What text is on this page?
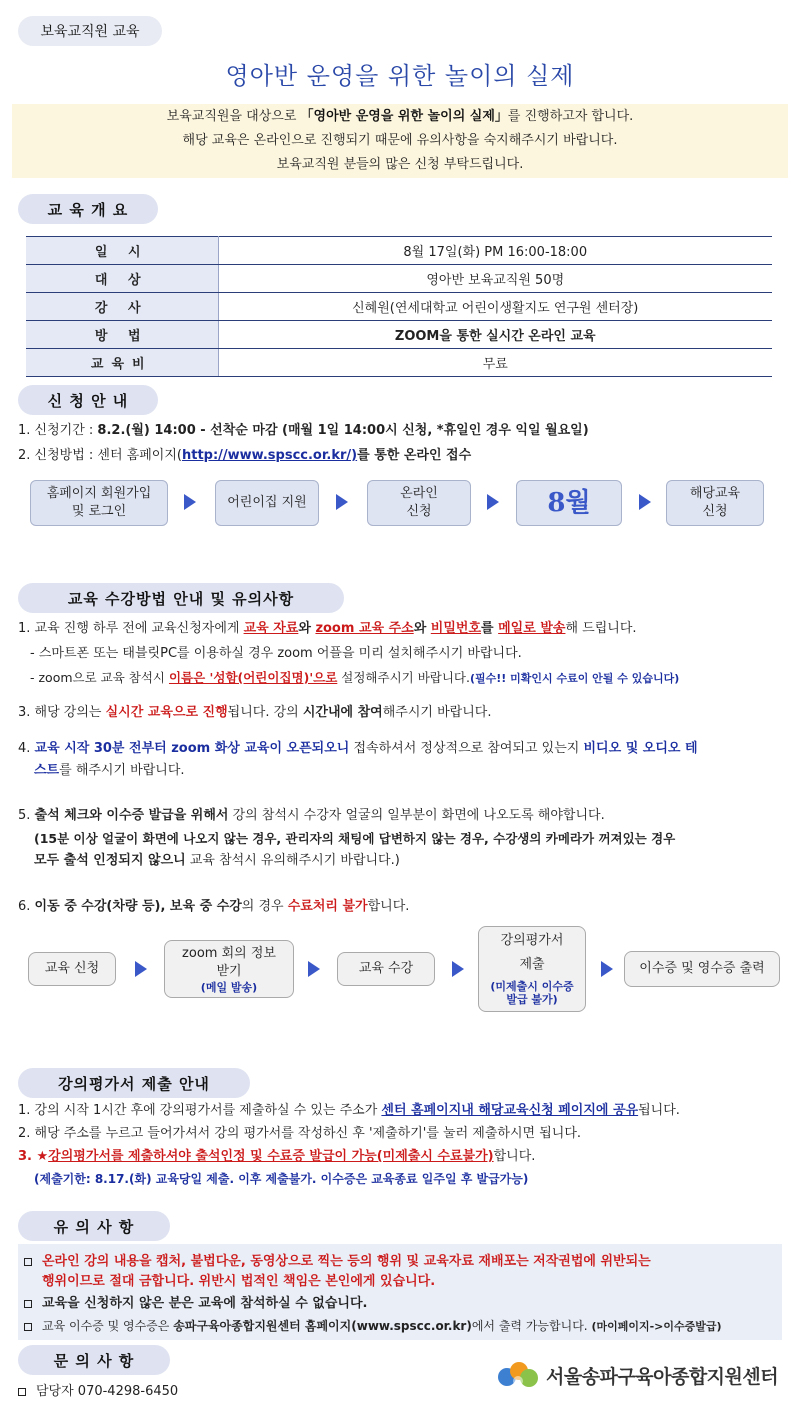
보육교직원 교육
영아반 운영을 위한 놀이의 실제
보육교직원을 대상으로 「영아반 운영을 위한 놀이의 실제」를 진행하고자 합니다.
해당 교육은 온라인으로 진행되기 때문에 유의사항을 숙지해주시기 바랍니다.
보육교직원 분들의 많은 신청 부탁드립니다.
교 육 개 요
일 시	8월 17일(화) PM 16:00-18:00
대 상	영아반 보육교직원 50명
강 사	신혜원(연세대학교 어린이생활지도 연구원 센터장)
방 법	ZOOM을 통한 실시간 온라인 교육
교육비	무료
신 청 안 내
1. 신청기간 : 8.2.(월) 14:00 - 선착순 마감 (매월 1일 14:00시 신청, *휴일인 경우 익일 월요일)
2. 신청방법 : 센터 홈페이지(http://www.spscc.or.kr/)를 통한 온라인 접수
홈페이지 회원가입
및 로그인
어린이집 지원
온라인
신청	8월	해당교육
신청
교육 수강방법 안내 및 유의사항
1. 교육 진행 하루 전에 교육신청자에게 교육 자료와 zoom 교육 주소와 비밀번호를 메일로 발송해 드립니다.
- 스마트폰 또는 태블릿PC를 이용하실 경우 zoom 어플을 미리 설치해주시기 바랍니다.
- zoom으로 교육 참석시 이름은 '성함(어린이집명)'으로 설정해주시기 바랍니다.(필수!! 미확인시 수료이 안될 수 있습니다)
3. 해당 강의는 실시간 교육으로 진행됩니다. 강의 시간내에 참여해주시기 바랍니다.
4. 교육 시작 30분 전부터 zoom 화상 교육이 오픈되오니 접속하셔서 정상적으로 참여되고 있는지 비디오 및 오디오 테
스트를 해주시기 바랍니다.
5. 출석 체크와 이수증 발급을 위해서 강의 참석시 수강자 얼굴의 일부분이 화면에 나오도록 해야합니다.
(15분 이상 얼굴이 화면에 나오지 않는 경우, 관리자의 채팅에 답변하지 않는 경우, 수강생의 카메라가 꺼져있는 경우
모두 출석 인정되지 않으니 교육 참석시 유의해주시기 바랍니다.)
6. 이동 중 수강(차량 등), 보육 중 수강의 경우 수료처리 불가합니다.
교육 신청
zoom 회의 정보
받기
(메일 발송)
교육 수강
강의평가서
제출
(미제출시 이수증 발급 불가)
이수증 및 영수증 출력
강의평가서 제출 안내
1. 강의 시작 1시간 후에 강의평가서를 제출하실 수 있는 주소가 센터 홈페이지내 해당교육신청 페이지에 공유됩니다.
2. 해당 주소를 누르고 들어가셔서 강의 평가서를 작성하신 후 '제출하기'를 눌러 제출하시면 됩니다.
3. ★강의평가서를 제출하셔야 출석인정 및 수료증 발급이 가능(미제출시 수료불가)합니다.
(제출기한: 8.17.(화) 교육당일 제출. 이후 제출불가. 이수증은 교육종료 일주일 후 발급가능)
유 의 사 항
온라인 강의 내용을 캡처, 불법다운, 동영상으로 찍는 등의 행위 및 교육자료 재배포는 저작권법에 위반되는
행위이므로 절대 금합니다. 위반시 법적인 책임은 본인에게 있습니다.
교육을 신청하지 않은 분은 교육에 참석하실 수 없습니다.
교육 이수증 및 영수증은 송파구육아종합지원센터 홈페이지(www.spscc.or.kr)에서 출력 가능합니다. (마이페이지->이수증발급)
문 의 사 항
담당자 070-4298-6450
서울송파구육아종합지원센터
